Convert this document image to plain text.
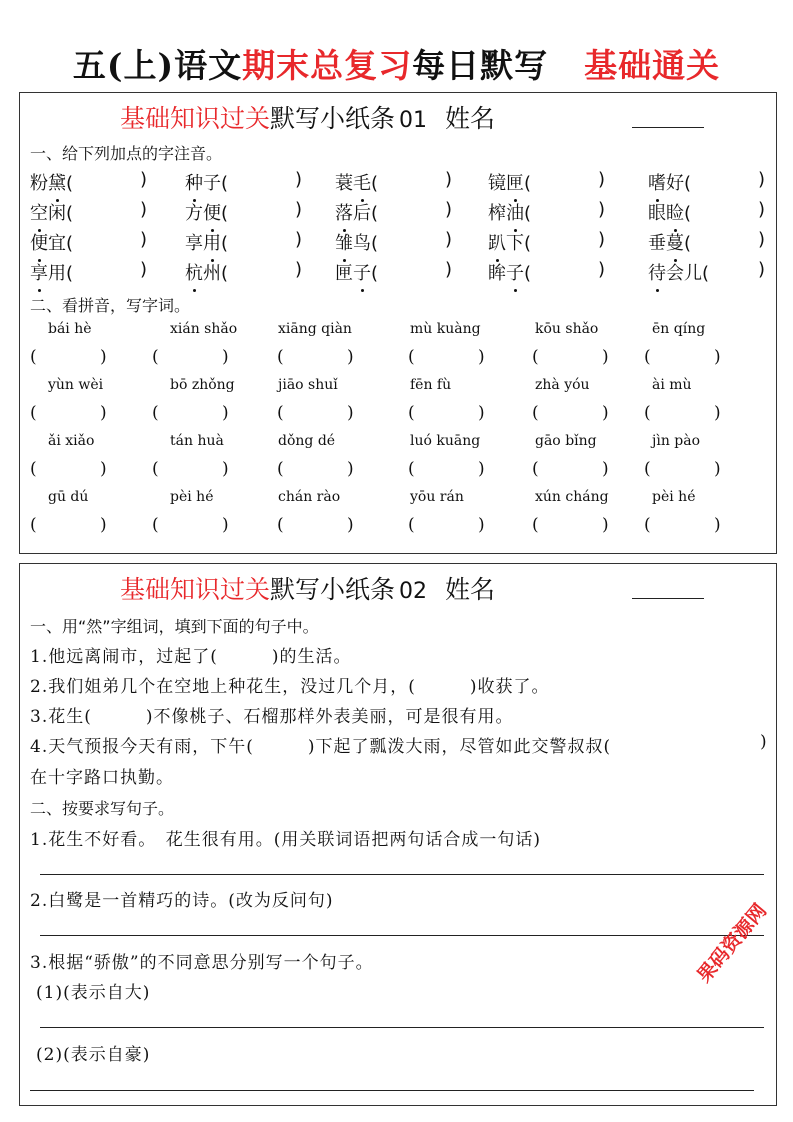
五(上)语文期末总复习每日默写 基础通关
基础知识过关默写小纸条 01 姓名
一、给下列加点的字注音。
粉黛(	) 种子(	) 蓑毛(	) 镜匣(	) 嗜好(	)
空闲(	) 方便(	) 落后(	) 榨油(	) 眼睑(	)
便宜(	) 享用(	) 雏鸟(	) 趴下(	) 垂蔓(	)
享用(	) 杭州(	) 匣子(	) 眸子(	) 待会儿(	)
二、看拼音，写字词。
bái hè	xián shǎo	xiāng qiàn	mù kuàng	kōu shǎo	ēn qíng
(	)	(	)	(	)	(	)	(	) (	)
yùn wèi	bō zhǒng	jiāo shuǐ	fēn fù	zhà yóu	ài mù
(	)	(	)	(	)	(	)	(	) (	)
ǎi xiǎo	tán huà	dǒng dé	luó kuāng	gāo bǐng	jìn pào
(	)	(	)	(	)	(	)	(	) (	)
gū dú	pèi hé	chán rào	yōu rán	xún cháng	pèi hé
(	)	(	)	(	)	(	)	(	) (	)
基础知识过关默写小纸条 02 姓名
一、用“然”字组词，填到下面的句子中。
1.他远离闹市，过起了(　　　)的生活。
2.我们姐弟几个在空地上种花生，没过几个月，(　　　)收获了。
3.花生(　　　)不像桃子、石榴那样外表美丽，可是很有用。
4.天气预报今天有雨，下午(　　　)下起了瓢泼大雨，尽管如此交警叔叔(	)
在十字路口执勤。
二、按要求写句子。
1.花生不好看。　花生很有用。(用关联词语把两句话合成一句话)
2.白鹭是一首精巧的诗。(改为反问句)
3.根据“骄傲”的不同意思分别写一个句子。
(1)(表示自大)
(2)(表示自豪)
果码资源网
